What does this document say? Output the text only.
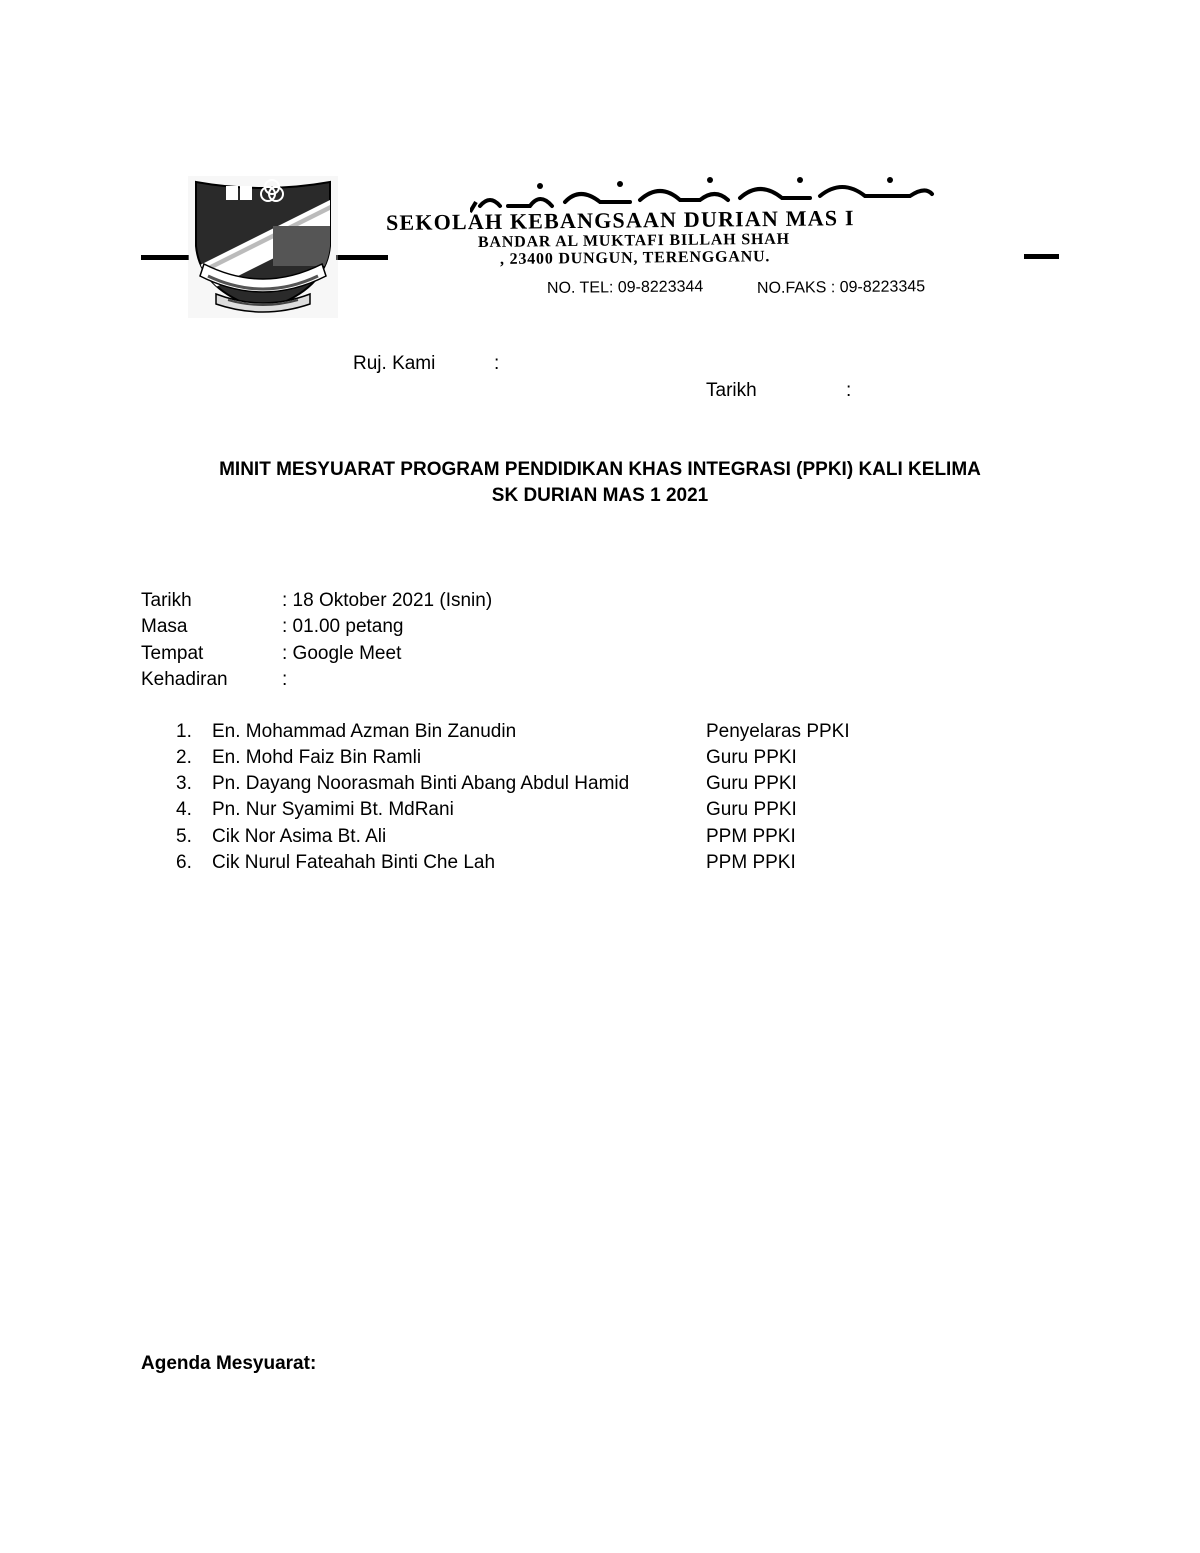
SEKOLAH KEBANGSAAN DURIAN MAS I
BANDAR AL MUKTAFI BILLAH SHAH
, 23400 DUNGUN, TERENGGANU.
NO. TEL: 09-8223344	NO.FAKS : 09-8223345
Ruj. Kami	:
Tarikh	:
MINIT MESYUARAT PROGRAM PENDIDIKAN KHAS INTEGRASI (PPKI) KALI KELIMA
SK DURIAN MAS 1 2021
Tarikh	: 18 Oktober 2021 (Isnin)
Masa	: 01.00 petang
Tempat	: Google Meet
Kehadiran	:
1. En. Mohammad Azman Bin Zanudin	Penyelaras PPKI
2. En. Mohd Faiz Bin Ramli	Guru PPKI
3. Pn. Dayang Noorasmah Binti Abang Abdul Hamid	Guru PPKI
4. Pn. Nur Syamimi Bt. MdRani	Guru PPKI
5. Cik Nor Asima Bt. Ali	PPM PPKI
6. Cik Nurul Fateahah Binti Che Lah	PPM PPKI
Agenda Mesyuarat:
